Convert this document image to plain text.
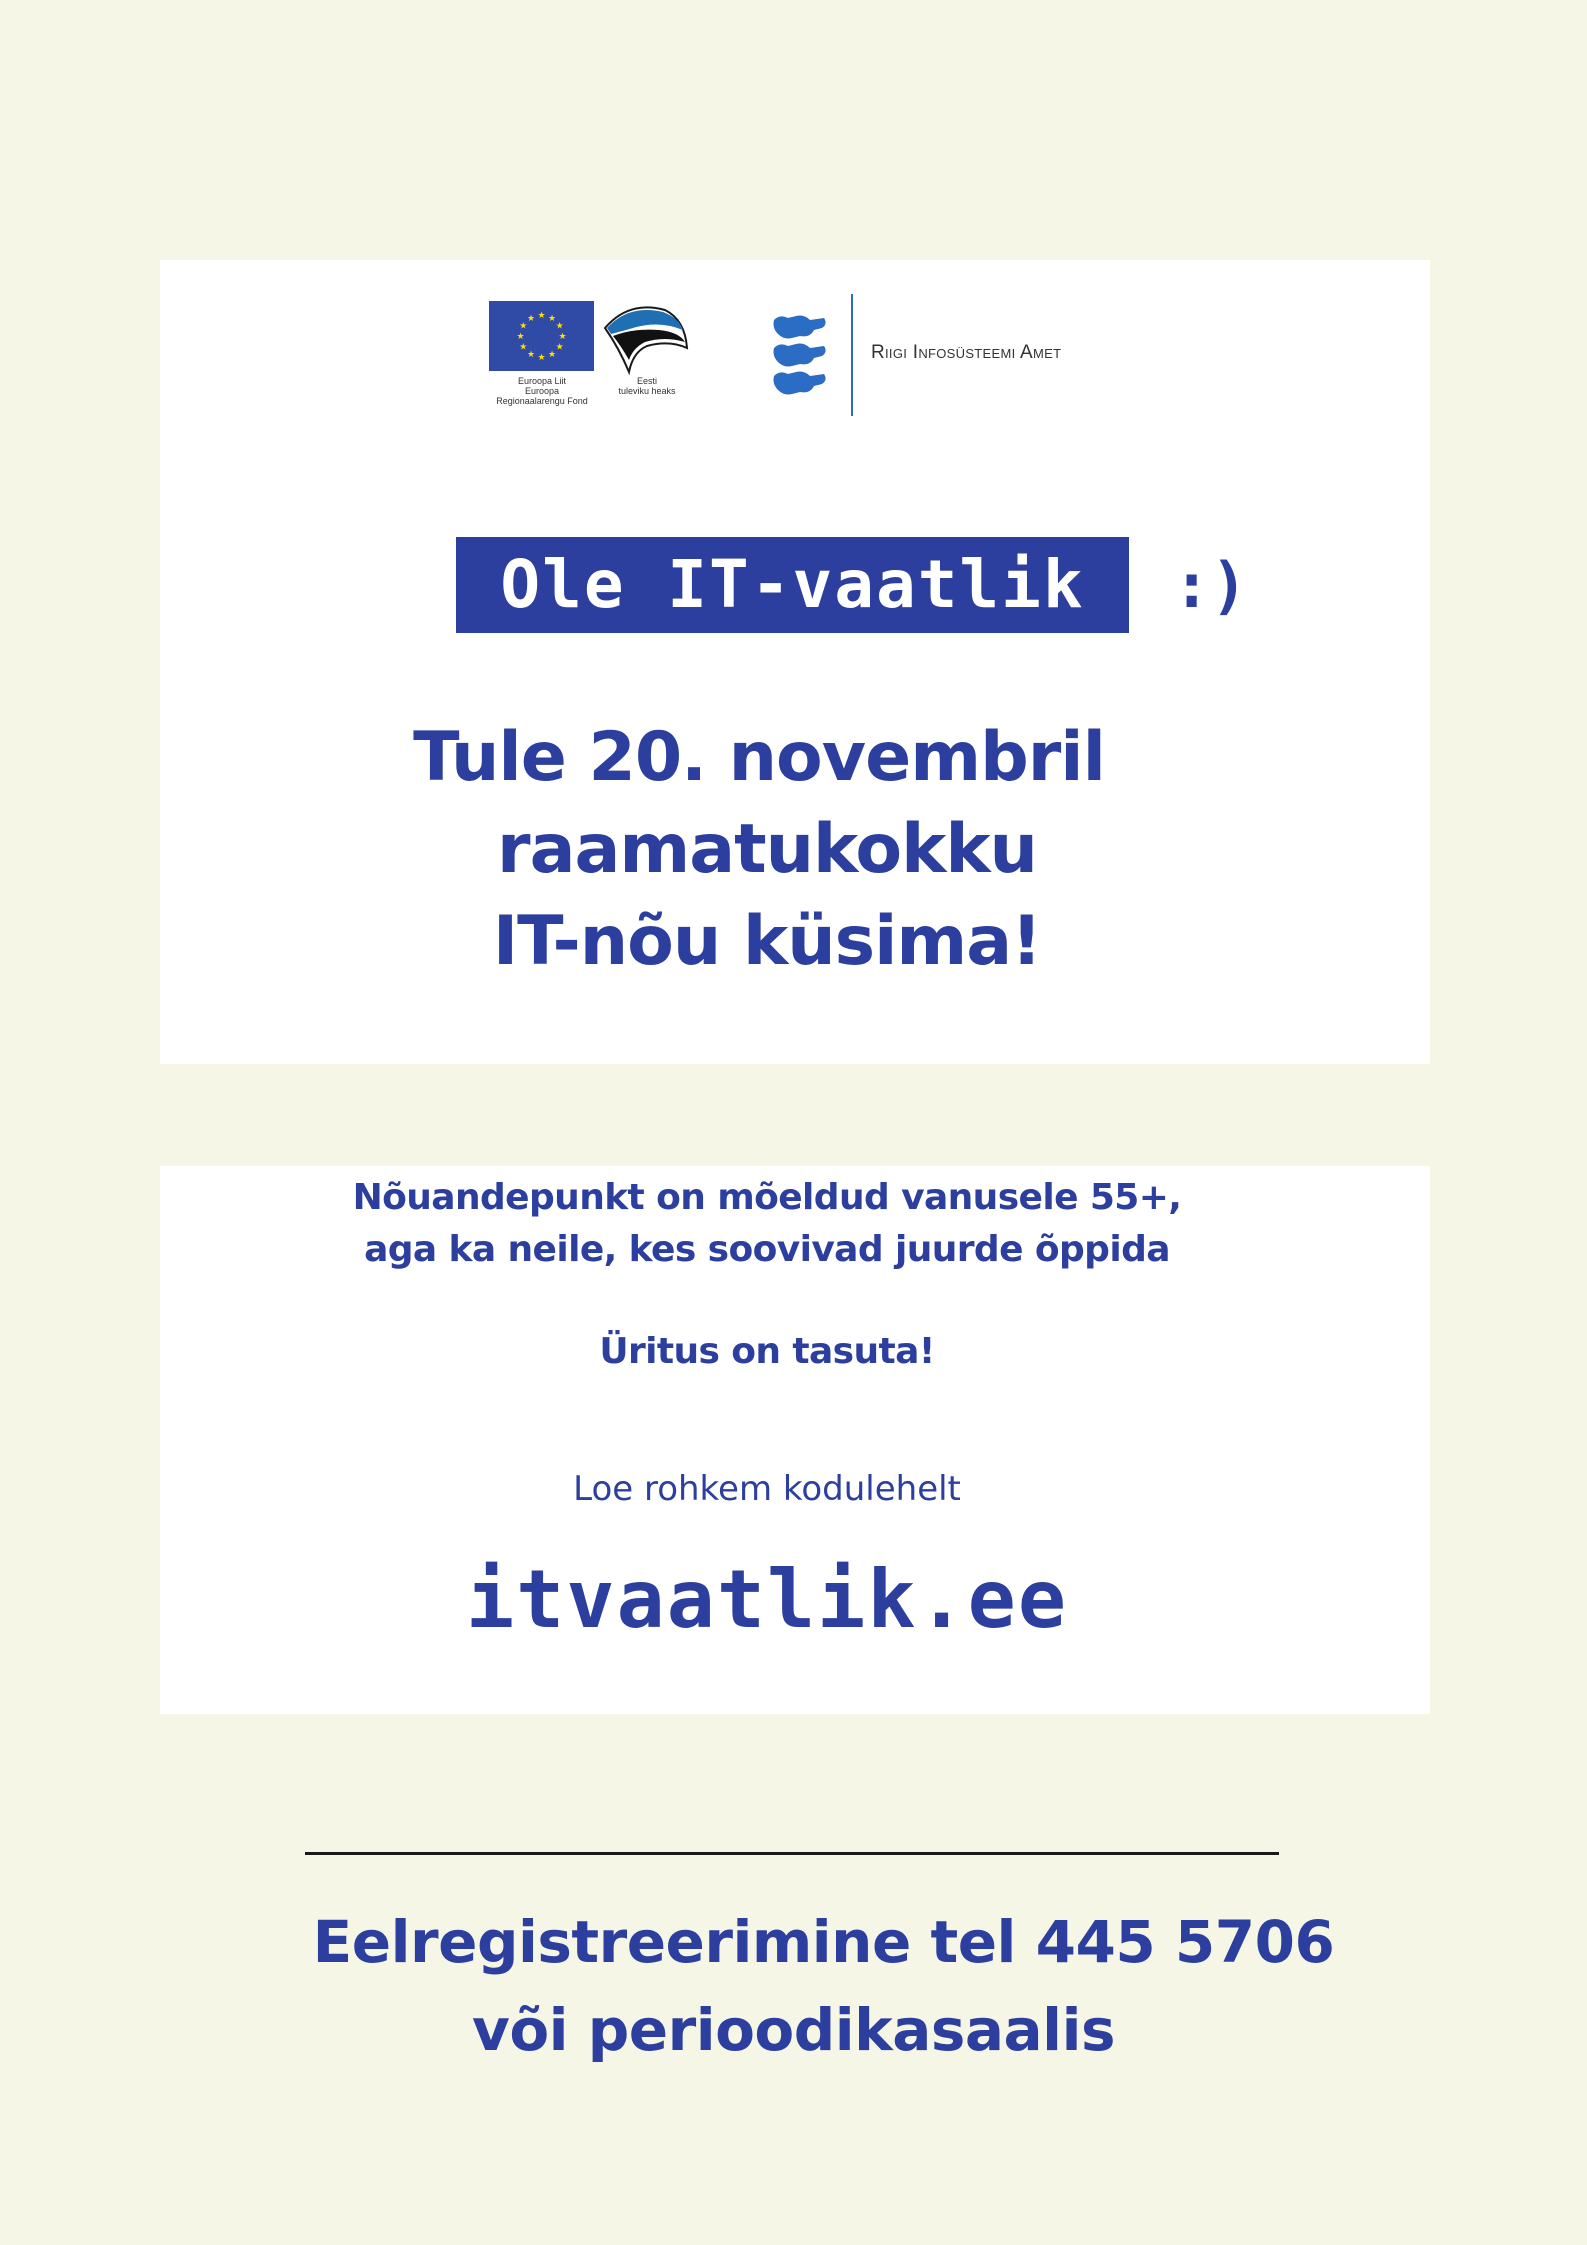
★
★
★
★
★
★
★
★
★ ★ ★
★
Euroopa Liit
Euroopa
Regionaalarengu Fond
Eesti
tuleviku heaks
Riigi Infosüsteemi Amet
Ole IT-vaatlik	:)
Tule 20. novembril
raamatukokku
IT-nõu küsima!

Nõuandepunkt on mõeldud vanusele 55+,

aga ka neile, kes soovivad juurde õppida

Üritus on tasuta!

Loe rohkem kodulehelt

itvaatlik.ee

Eelregistreerimine tel 445 5706

või perioodikasaalis
